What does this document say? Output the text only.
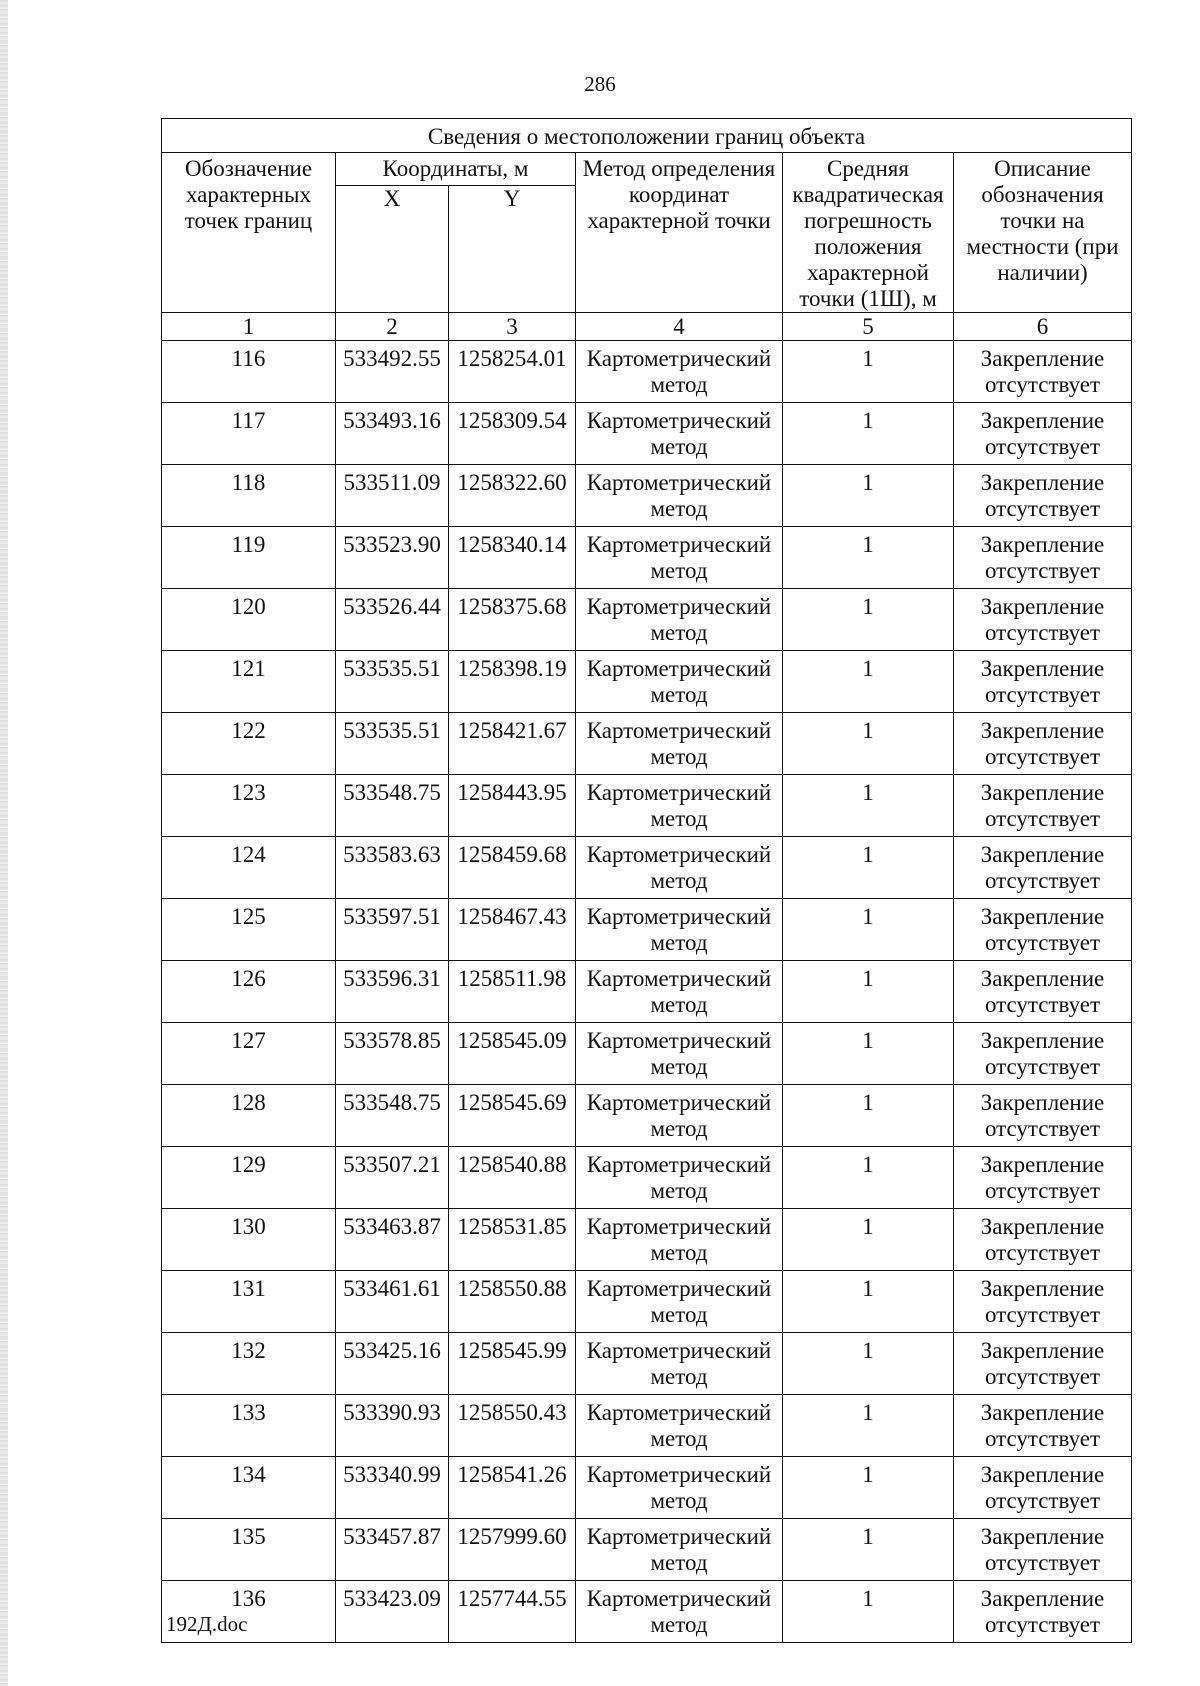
286
Сведения о местоположении границ объекта					
Обозначение характерных точек границ	Координаты, м		Метод определения координат характерной точки	Средняя квадратическая погрешность положения характерной точки (1Ш), м	Описание обозначения точки на местности (при наличии)
	X	Y			
1	2	3	4	5	6
116	533492.55	1258254.01	Картометрический метод	1	Закрепление отсутствует
117	533493.16	1258309.54	Картометрический метод	1	Закрепление отсутствует
118	533511.09	1258322.60	Картометрический метод	1	Закрепление отсутствует
119	533523.90	1258340.14	Картометрический метод	1	Закрепление отсутствует
120	533526.44	1258375.68	Картометрический метод	1	Закрепление отсутствует
121	533535.51	1258398.19	Картометрический метод	1	Закрепление отсутствует
122	533535.51	1258421.67	Картометрический метод	1	Закрепление отсутствует
123	533548.75	1258443.95	Картометрический метод	1	Закрепление отсутствует
124	533583.63	1258459.68	Картометрический метод	1	Закрепление отсутствует
125	533597.51	1258467.43	Картометрический метод	1	Закрепление отсутствует
126	533596.31	1258511.98	Картометрический метод	1	Закрепление отсутствует
127	533578.85	1258545.09	Картометрический метод	1	Закрепление отсутствует
128	533548.75	1258545.69	Картометрический метод	1	Закрепление отсутствует
129	533507.21	1258540.88	Картометрический метод	1	Закрепление отсутствует
130	533463.87	1258531.85	Картометрический метод	1	Закрепление отсутствует
131	533461.61	1258550.88	Картометрический метод	1	Закрепление отсутствует
132	533425.16	1258545.99	Картометрический метод	1	Закрепление отсутствует
133	533390.93	1258550.43	Картометрический метод	1	Закрепление отсутствует
134	533340.99	1258541.26	Картометрический метод	1	Закрепление отсутствует
135	533457.87	1257999.60	Картометрический метод	1	Закрепление отсутствует
136	533423.09	1257744.55	Картометрический метод	1	Закрепление отсутствует
192Д.doc
